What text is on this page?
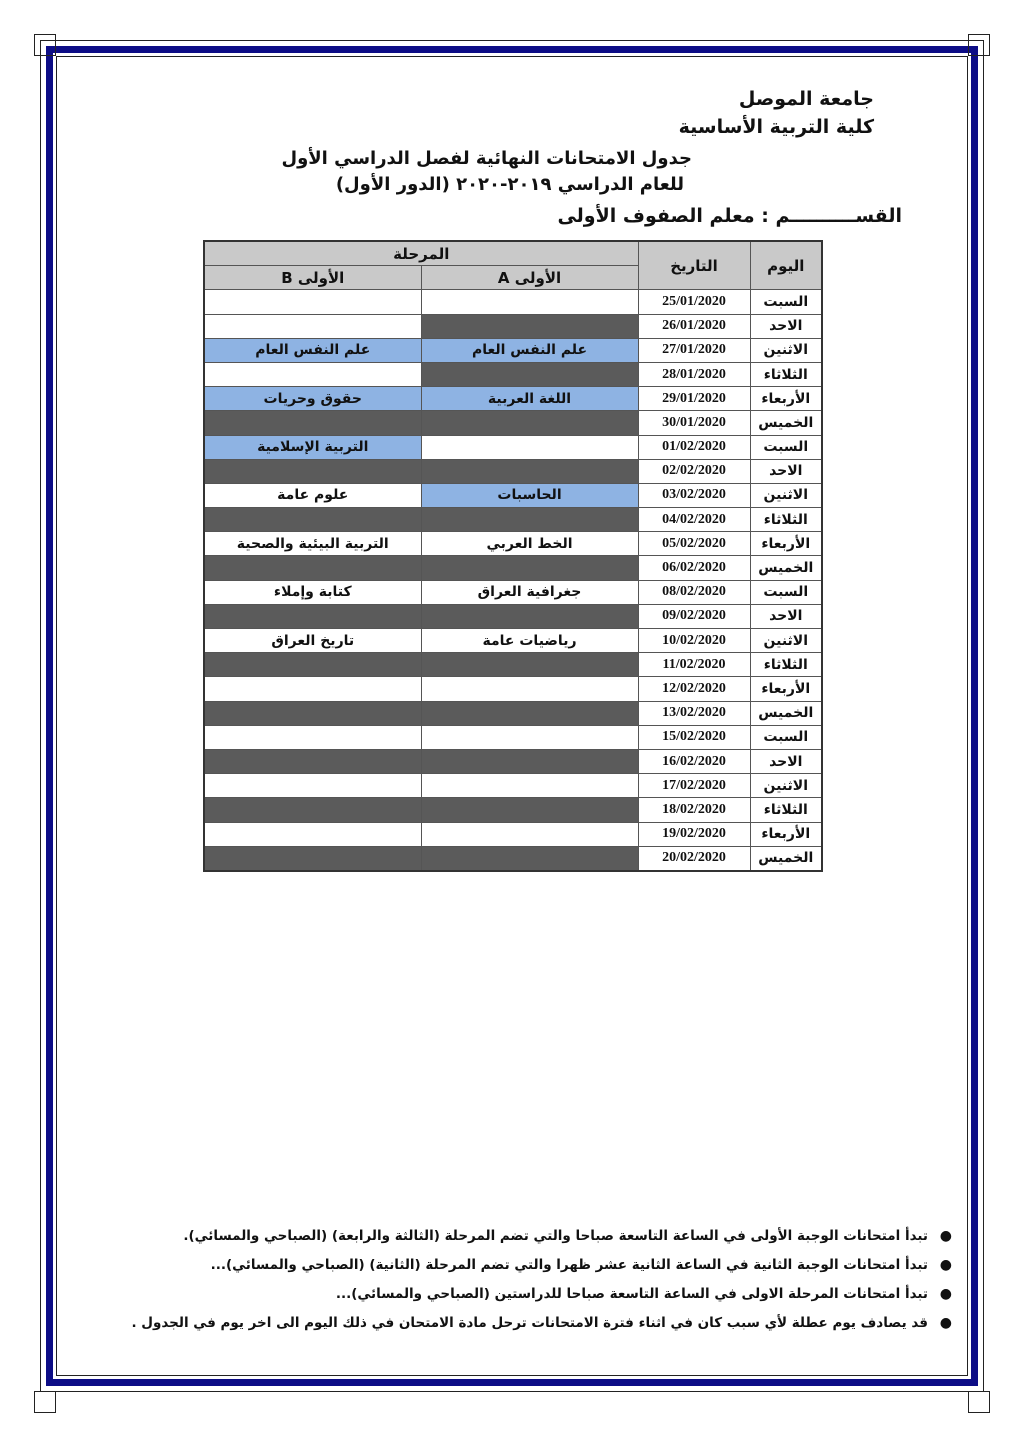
جامعة الموصل
كلية التربية الأساسية
جدول الامتحانات النهائية لفصل الدراسي الأول
للعام الدراسي ٢٠١٩-٢٠٢٠ (الدور الأول)
القســــــــــم : معلم الصفوف الأولى
اليوم	التاريخ	المرحلة	
		الأولى A	الأولى B
السبت	25/01/2020		
الاحد	26/01/2020		
الاثنين	27/01/2020	علم النفس العام	علم النفس العام
الثلاثاء	28/01/2020		
الأربعاء	29/01/2020	اللغة العربية	حقوق وحريات
الخميس	30/01/2020		
السبت	01/02/2020		التربية الإسلامية
الاحد	02/02/2020		
الاثنين	03/02/2020	الحاسبات	علوم عامة
الثلاثاء	04/02/2020		
الأربعاء	05/02/2020	الخط العربي	التربية البيئية والصحية
الخميس	06/02/2020		
السبت	08/02/2020	جغرافية العراق	كتابة وإملاء
الاحد	09/02/2020		
الاثنين	10/02/2020	رياضيات عامة	تاريخ العراق
الثلاثاء	11/02/2020		
الأربعاء	12/02/2020		
الخميس	13/02/2020		
السبت	15/02/2020		
الاحد	16/02/2020		
الاثنين	17/02/2020		
الثلاثاء	18/02/2020		
الأربعاء	19/02/2020		
الخميس	20/02/2020		
●
تبدأ امتحانات الوجبة الأولى في الساعة التاسعة صباحا والتي تضم المرحلة (الثالثة والرابعة) (الصباحي والمسائي).
●
تبدأ امتحانات الوجبة الثانية في الساعة الثانية عشر ظهرا والتي تضم المرحلة (الثانية) (الصباحي والمسائي)...
●
تبدأ امتحانات المرحلة الاولى في الساعة التاسعة صباحا للدراستين (الصباحي والمسائي)...
●
قد يصادف يوم عطلة لأي سبب كان في اثناء فترة الامتحانات ترحل مادة الامتحان في ذلك اليوم الى اخر يوم في الجدول .
